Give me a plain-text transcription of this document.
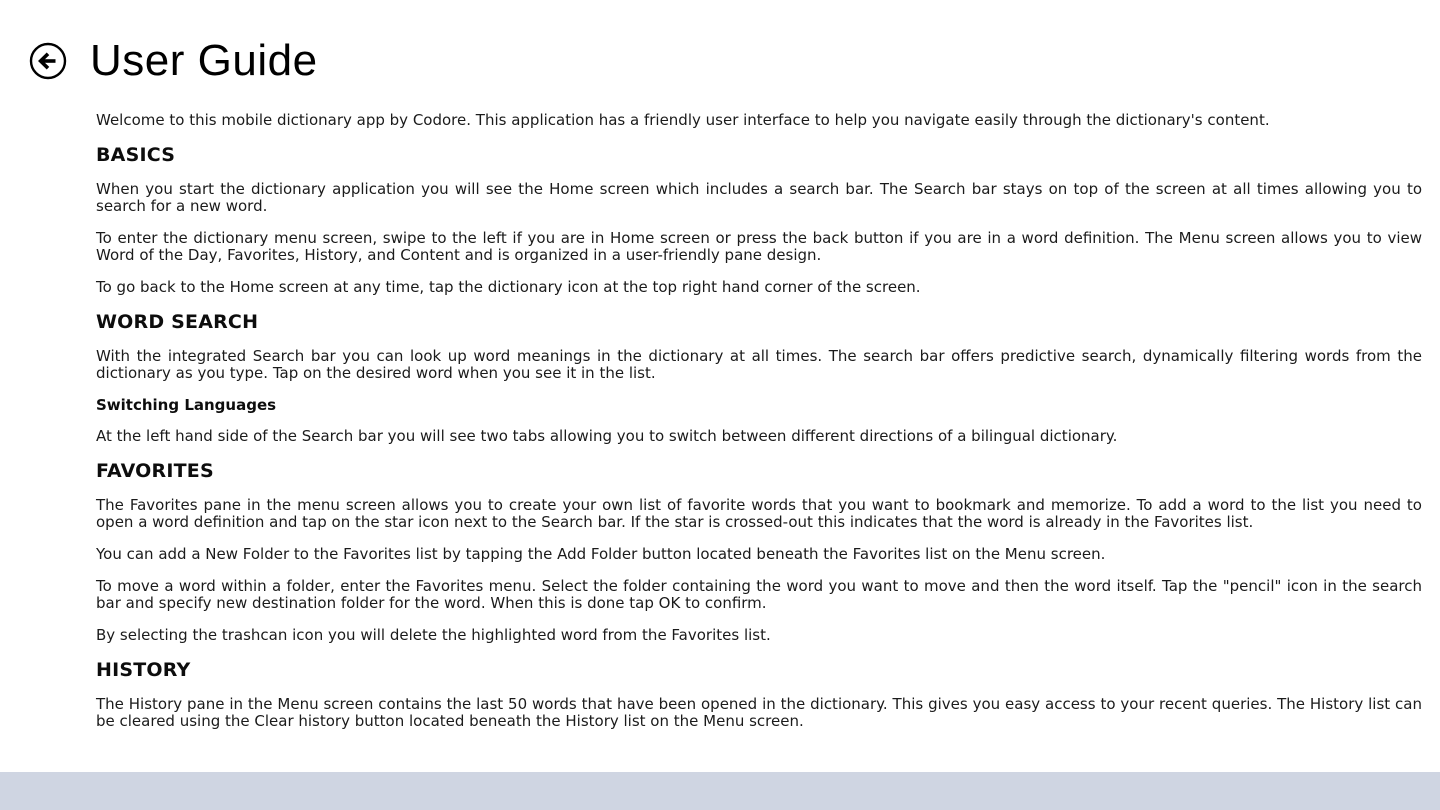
User Guide

Welcome to this mobile dictionary app by Codore. This application has a friendly user interface to help you navigate easily through the dictionary's content.

BASICS

When you start the dictionary application you will see the Home screen which includes a search bar. The Search bar stays on top of the screen at all times allowing you to search for a new word.

To enter the dictionary menu screen, swipe to the left if you are in Home screen or press the back button if you are in a word definition. The Menu screen allows you to view Word of the Day, Favorites, History, and Content and is organized in a user-friendly pane design.

To go back to the Home screen at any time, tap the dictionary icon at the top right hand corner of the screen.

WORD SEARCH

With the integrated Search bar you can look up word meanings in the dictionary at all times. The search bar offers predictive search, dynamically filtering words from the dictionary as you type. Tap on the desired word when you see it in the list.

Switching Languages

At the left hand side of the Search bar you will see two tabs allowing you to switch between different directions of a bilingual dictionary.

FAVORITES

The Favorites pane in the menu screen allows you to create your own list of favorite words that you want to bookmark and memorize. To add a word to the list you need to open a word definition and tap on the star icon next to the Search bar. If the star is crossed-out this indicates that the word is already in the Favorites list.

You can add a New Folder to the Favorites list by tapping the Add Folder button located beneath the Favorites list on the Menu screen.

To move a word within a folder, enter the Favorites menu. Select the folder containing the word you want to move and then the word itself. Tap the "pencil" icon in the search bar and specify new destination folder for the word. When this is done tap OK to confirm.

By selecting the trashcan icon you will delete the highlighted word from the Favorites list.

HISTORY

The History pane in the Menu screen contains the last 50 words that have been opened in the dictionary. This gives you easy access to your recent queries. The History list can be cleared using the Clear history button located beneath the History list on the Menu screen.
